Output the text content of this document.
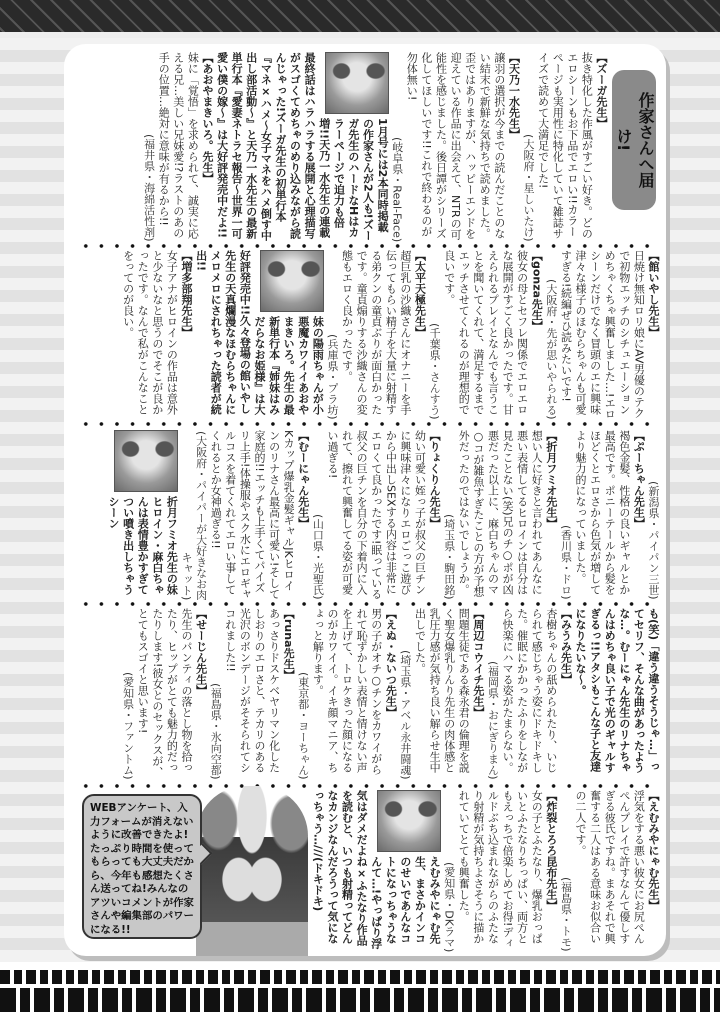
作家さんへ届け!
【ズーガ先生】
抜き特化した作風がすごい好き。どのエロシーンもお下品でエロい!!カラーページも実用性に特化していて雑誌サイズで読めて大満足でした!
(大阪府・星しいたけ)
【天乃一水先生】
譲羽の選択が今までの読んだことのない結末で新鮮な気持ちで読めました。歪ではありますが、ハッピーエンドを迎えている作品に出会えて、NTRの可能性を感じました。後日譚がシリーズ化してほしいです!!これで終わるのが勿体無い!
(岐阜県・Real-Face)
1月号には2本同時掲載の作家さんが2人も!ズーガ先生のハードなHはカラーページで迫力も倍増!!天乃一水先生の連載最終話はハラハラする展開と心理描写がスゴくてめちゃのめり込みながら読んじゃった!ズーガ先生の初単行本『マネ×ハメ～女子マネをハメ倒す中出し部活動～』と天乃一水先生の最新単行本『愛妻ネトラセ報告～世界一可愛い僕の嫁～』は大好評発売中だよ!!
【あおやまきいろ。先生】
妹に「覚悟」を求められて、誠実に応える兄…美しい兄妹愛!?ラストのあの手の位置…絶対に意味が有るから!!
(福井県・海綿活性剤)
【館いやし先生】
日焼け無知ロリ娘にAV男優のテクで初物エッチのシチュエーションめちゃくちゃ興奮しました…!エロシーンだけでなく冒頭のエに興味津々な様子のほむらちゃんも可愛すぎる!続編ぜひ読みたいです!
(大阪府・先が思いやられる)
【gonza先生】
彼女の母とセフレ関係でエロエロな展開がすごく良かったです。甘えられるプレイとなんでも言うことを聞いてくれて、満足するまでエッチさせてくれるのが理想的で良いです。
(千葉県・さんすう)
【太平天極先生】
超巨乳の沙織さんにオナニーを手伝ってもらい精子を大量に射精する弟クンの童貞ぶりが面白かったです。童貞煽りする沙織さんの変態もエロく良かったです。
(兵庫県・プラ坊)
妹の陽雨ちゃんが小悪魔カワイイあおやまきいろ。先生の最新単行本『姉妹はみだらなお姫様』は大好評発売中!!久々登場の館いやし先生の天真爛漫なほむらちゃんにメロメロにされちゃった読者が続出!!
【増多部翔先生】
女子アナがヒロインの作品は意外と少ないなと思うのでそこが良かったです。なんで私がこんなことをってのが良い。
(新潟県・パイパン三世)
【ぷーちゃん先生】
褐色金髪、性格の良いギャルとか最高です。ポニーテールから髪をほどくとエロさから色気が増してより魅力的になっていました。
(香川県・ドロ)
【折月フミオ先生】
想い人に好きと言われてあんなに悪い表情してるヒロインは自分は見たことない(笑)兄のチ○ポが凶悪だった以上に、麻白ちゃんのマ○コが雑魚すぎたことの方が予想外だったのではないでしょうか。
(埼玉県・駒田銘)
【りょくりん先生】
幼い可愛い姪っ子が叔父の巨チンに興味津々になりエロごっこ遊びから中出しSEXする内容は非常にエロくて良かったです!眠っている叔父の巨チンを自分の下着内に入れて、擦れて興奮してる姿が可愛い過ぎる!
(山口県・光聖氏)
【むーにゃん先生】
Kカップ爆乳金髪ギャルJKヒロインのリナさん最高に可愛い!そして家庭的!!エッチも上手くてパイズリ上手!体操服やスク水にエロギャルコスを着てくれてエロい事してくれるとか女神過ぎる!!
(大阪府・パイパーが大好きなお肉キャット)
折月フミオ先生の妹ヒロイン・麻白ちゃんは表情豊かすぎてつい噴き出しちゃうシーン
も(笑)「違う違うそうじゃ…」ってセリフ、そんな曲があったような…。むーにゃん先生のリナちゃんはめちゃ良い子で光のギャルすぎるっ!!アタシもこんな子と友達になりたいな～。
【みうみ先生】
杏樹ちゃんの舐められたり、いじられて感じちゃう姿にドキドキした。催眠にかかったふりをしながら快楽にハマる姿がたまらない。
(福岡県・おにぎりまん)
【周辺コウイチ先生】
問題生徒である森永君の倫理を説く聖女爆乳りんり先生の肉体感と乳圧力感が気持ち良い解らせ生中出しでした。
(埼玉県・アベル永井闘魂)
【えぬ・ないつ先生】
男の子がオチ○チンをカワイがられて恥ずかしい表情と情けない声を上げて、トロケきった顔になるのがカワイイ。イキ顔マニア、ちょっと解ります。
(東京都・ヨーちゃん)
【runa先生】
あっさりドスケベヤリマン化したしおりのエロさと、テカリのある光沢のボンデージがそそられてシコれました!!
(福島県・氷向空都)
【せーじん先生】
先生のパンティの落とし物を拾ったり、ヒップがとても魅力的だったりします!彼女とのセックスが、とてもスゴイと思います!
(愛知県・ファントム)
【えむみやにゃむ先生】
浮気をする悪い彼女にお尻ぺんぺんプレイで許すなんて優しすぎる彼氏ですね。まあそれで興奮する二人はある意味お似合いの二人です。
(福島県・トモ)
【炸裂とろろ昆布先生】
女の子とふたなり、爆乳おっぱいとふたなりちっぱい、両方ともえっちで倍楽しめてお得!ディルドぶち込まれながらのふたなり射精が気持ちよさそうに描かれていてとても興奮した。
(愛知県・DKラマ)
えむみやにゃむ先生、まさかインコのせいであんなコトになっちゃうなんて…!やっぱり浮気はダメだよね×ふたなり作品を読むと、いつも射精ってどんなカンジなんだろうって気になっちゃう…///(ドキドキ)
WEBアンケート、入力フォームが消えないように改善できたよ!たっぷり時間を使ってもらっても大丈夫だから、今年も感想たくさん送ってね!みんなのアツいコメントが作家さんや編集部のパワーになる!!
